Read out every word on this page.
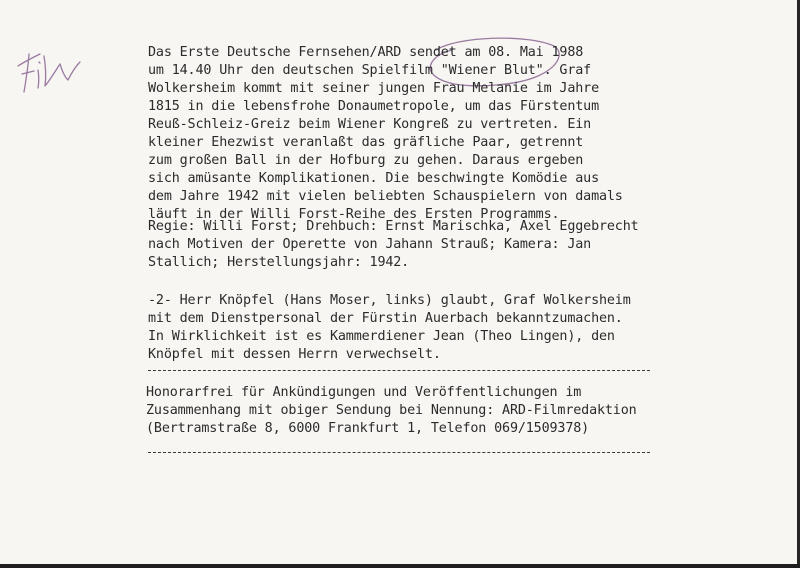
Das Erste Deutsche Fernsehen/ARD sendet am 08. Mai 1988
um 14.40 Uhr den deutschen Spielfilm "Wiener Blut". Graf
Wolkersheim kommt mit seiner jungen Frau Melanie im Jahre
1815 in die lebensfrohe Donaumetropole, um das Fürstentum
Reuß-Schleiz-Greiz beim Wiener Kongreß zu vertreten. Ein
kleiner Ehezwist veranlaßt das gräfliche Paar, getrennt
zum großen Ball in der Hofburg zu gehen. Daraus ergeben
sich amüsante Komplikationen. Die beschwingte Komödie aus
dem Jahre 1942 mit vielen beliebten Schauspielern von damals
läuft in der Willi Forst-Reihe des Ersten Programms.
Regie: Willi Forst; Drehbuch: Ernst Marischka, Axel Eggebrecht
nach Motiven der Operette von Jahann Strauß; Kamera: Jan
Stallich; Herstellungsjahr: 1942.
-2- Herr Knöpfel (Hans Moser, links) glaubt, Graf Wolkersheim
mit dem Dienstpersonal der Fürstin Auerbach bekanntzumachen.
In Wirklichkeit ist es Kammerdiener Jean (Theo Lingen), den
Knöpfel mit dessen Herrn verwechselt.
Honorarfrei für Ankündigungen und Veröffentlichungen im
Zusammenhang mit obiger Sendung bei Nennung: ARD-Filmredaktion
(Bertramstraße 8, 6000 Frankfurt 1, Telefon 069/1509378)
